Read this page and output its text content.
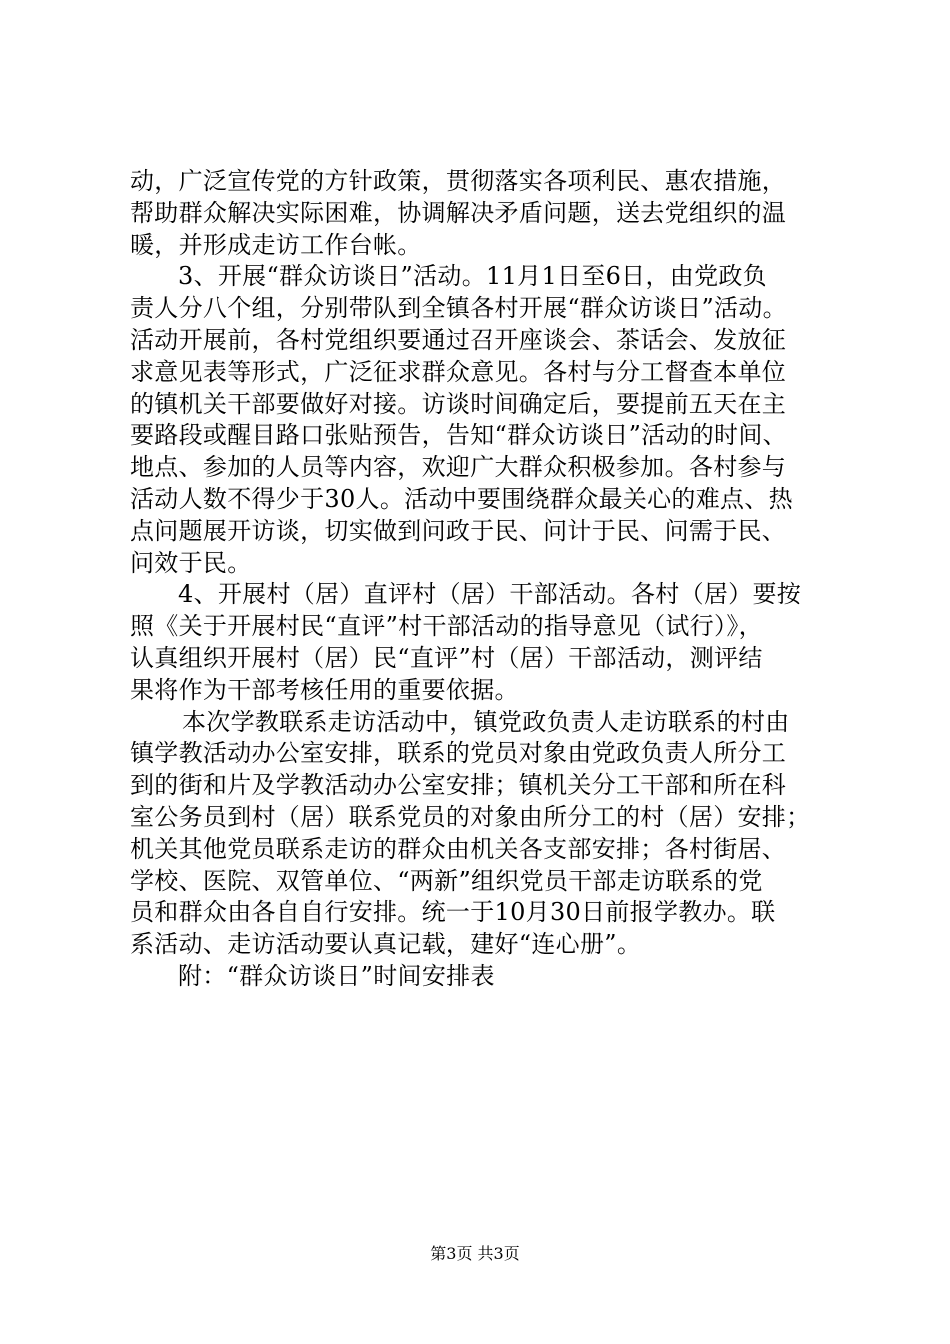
动，广泛宣传党的方针政策，贯彻落实各项利民、惠农措施，
帮助群众解决实际困难，协调解决矛盾问题，送去党组织的温
暖，并形成走访工作台帐。
3、开展“群众访谈日”活动。11月1日至6日，由党政负
责人分八个组，分别带队到全镇各村开展“群众访谈日”活动。
活动开展前，各村党组织要通过召开座谈会、茶话会、发放征
求意见表等形式，广泛征求群众意见。各村与分工督查本单位
的镇机关干部要做好对接。访谈时间确定后，要提前五天在主
要路段或醒目路口张贴预告，告知“群众访谈日”活动的时间、
地点、参加的人员等内容，欢迎广大群众积极参加。各村参与
活动人数不得少于30人。活动中要围绕群众最关心的难点、热
点问题展开访谈，切实做到问政于民、问计于民、问需于民、
问效于民。
4、开展村（居）直评村（居）干部活动。各村（居）要按
照《关于开展村民“直评”村干部活动的指导意见（试行）》，
认真组织开展村（居）民“直评”村（居）干部活动，测评结
果将作为干部考核任用的重要依据。
本次学教联系走访活动中，镇党政负责人走访联系的村由
镇学教活动办公室安排，联系的党员对象由党政负责人所分工
到的街和片及学教活动办公室安排；镇机关分工干部和所在科
室公务员到村（居）联系党员的对象由所分工的村（居）安排；
机关其他党员联系走访的群众由机关各支部安排；各村街居、
学校、医院、双管单位、“两新”组织党员干部走访联系的党
员和群众由各自自行安排。统一于10月30日前报学教办。联
系活动、走访活动要认真记载，建好“连心册”。
附：“群众访谈日”时间安排表
第3页 共3页
